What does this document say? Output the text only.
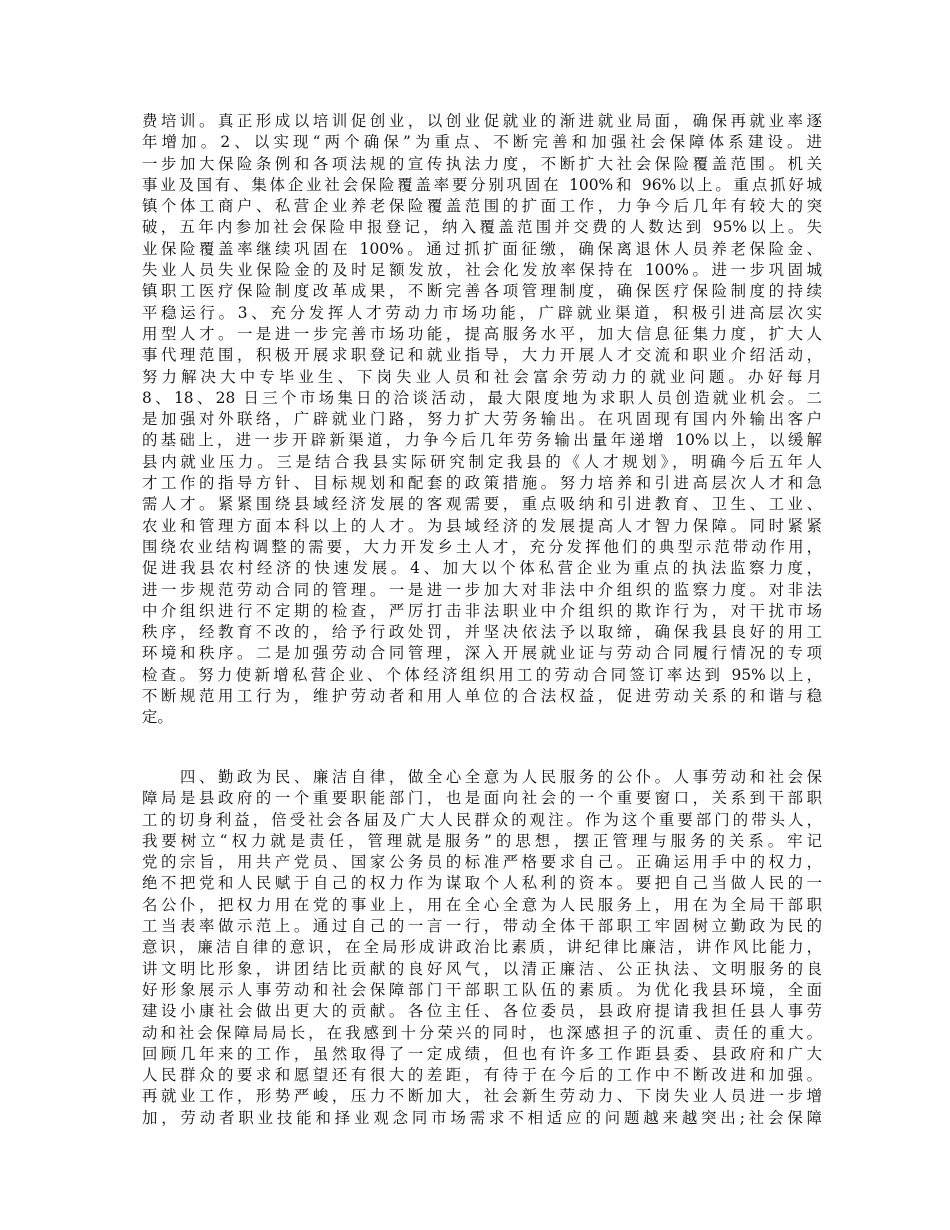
费培训。真正形成以培训促创业，以创业促就业的渐进就业局面，确保再就业率逐
年增加。2、以实现“两个确保”为重点、不断完善和加强社会保障体系建设。进
一步加大保险条例和各项法规的宣传执法力度，不断扩大社会保险覆盖范围。机关
事业及国有、集体企业社会保险覆盖率要分别巩固在 100%和 96%以上。重点抓好城
镇个体工商户、私营企业养老保险覆盖范围的扩面工作，力争今后几年有较大的突
破，五年内参加社会保险申报登记，纳入覆盖范围并交费的人数达到 95%以上。失
业保险覆盖率继续巩固在 100%。通过抓扩面征缴，确保离退休人员养老保险金、
失业人员失业保险金的及时足额发放，社会化发放率保持在 100%。进一步巩固城
镇职工医疗保险制度改革成果，不断完善各项管理制度，确保医疗保险制度的持续
平稳运行。3、充分发挥人才劳动力市场功能，广辟就业渠道，积极引进高层次实
用型人才。一是进一步完善市场功能，提高服务水平，加大信息征集力度，扩大人
事代理范围，积极开展求职登记和就业指导，大力开展人才交流和职业介绍活动，
努力解决大中专毕业生、下岗失业人员和社会富余劳动力的就业问题。办好每月
8、18、28 日三个市场集日的洽谈活动，最大限度地为求职人员创造就业机会。二
是加强对外联络，广辟就业门路，努力扩大劳务输出。在巩固现有国内外输出客户
的基础上，进一步开辟新渠道，力争今后几年劳务输出量年递增 10%以上，以缓解
县内就业压力。三是结合我县实际研究制定我县的《人才规划》，明确今后五年人
才工作的指导方针、目标规划和配套的政策措施。努力培养和引进高层次人才和急
需人才。紧紧围绕县域经济发展的客观需要，重点吸纳和引进教育、卫生、工业、
农业和管理方面本科以上的人才。为县域经济的发展提高人才智力保障。同时紧紧
围绕农业结构调整的需要，大力开发乡土人才，充分发挥他们的典型示范带动作用，
促进我县农村经济的快速发展。4、加大以个体私营企业为重点的执法监察力度，
进一步规范劳动合同的管理。一是进一步加大对非法中介组织的监察力度。对非法
中介组织进行不定期的检查，严厉打击非法职业中介组织的欺诈行为，对干扰市场
秩序，经教育不改的，给予行政处罚，并坚决依法予以取缔，确保我县良好的用工
环境和秩序。二是加强劳动合同管理，深入开展就业证与劳动合同履行情况的专项
检查。努力使新增私营企业、个体经济组织用工的劳动合同签订率达到 95%以上，
不断规范用工行为，维护劳动者和用人单位的合法权益，促进劳动关系的和谐与稳
定。
　　四、勤政为民、廉洁自律，做全心全意为人民服务的公仆。人事劳动和社会保
障局是县政府的一个重要职能部门，也是面向社会的一个重要窗口，关系到干部职
工的切身利益，倍受社会各届及广大人民群众的观注。作为这个重要部门的带头人，
我要树立“权力就是责任，管理就是服务”的思想，摆正管理与服务的关系。牢记
党的宗旨，用共产党员、国家公务员的标准严格要求自己。正确运用手中的权力，
绝不把党和人民赋于自己的权力作为谋取个人私利的资本。要把自己当做人民的一
名公仆，把权力用在党的事业上，用在全心全意为人民服务上，用在为全局干部职
工当表率做示范上。通过自己的一言一行，带动全体干部职工牢固树立勤政为民的
意识，廉洁自律的意识，在全局形成讲政治比素质，讲纪律比廉洁，讲作风比能力，
讲文明比形象，讲团结比贡献的良好风气，以清正廉洁、公正执法、文明服务的良
好形象展示人事劳动和社会保障部门干部职工队伍的素质。为优化我县环境，全面
建设小康社会做出更大的贡献。各位主任、各位委员，县政府提请我担任县人事劳
动和社会保障局局长，在我感到十分荣兴的同时，也深感担子的沉重、责任的重大。
回顾几年来的工作，虽然取得了一定成绩，但也有许多工作距县委、县政府和广大
人民群众的要求和愿望还有很大的差距，有待于在今后的工作中不断改进和加强。
再就业工作，形势严峻，压力不断加大，社会新生劳动力、下岗失业人员进一步增
加，劳动者职业技能和择业观念同市场需求不相适应的问题越来越突出;社会保障
